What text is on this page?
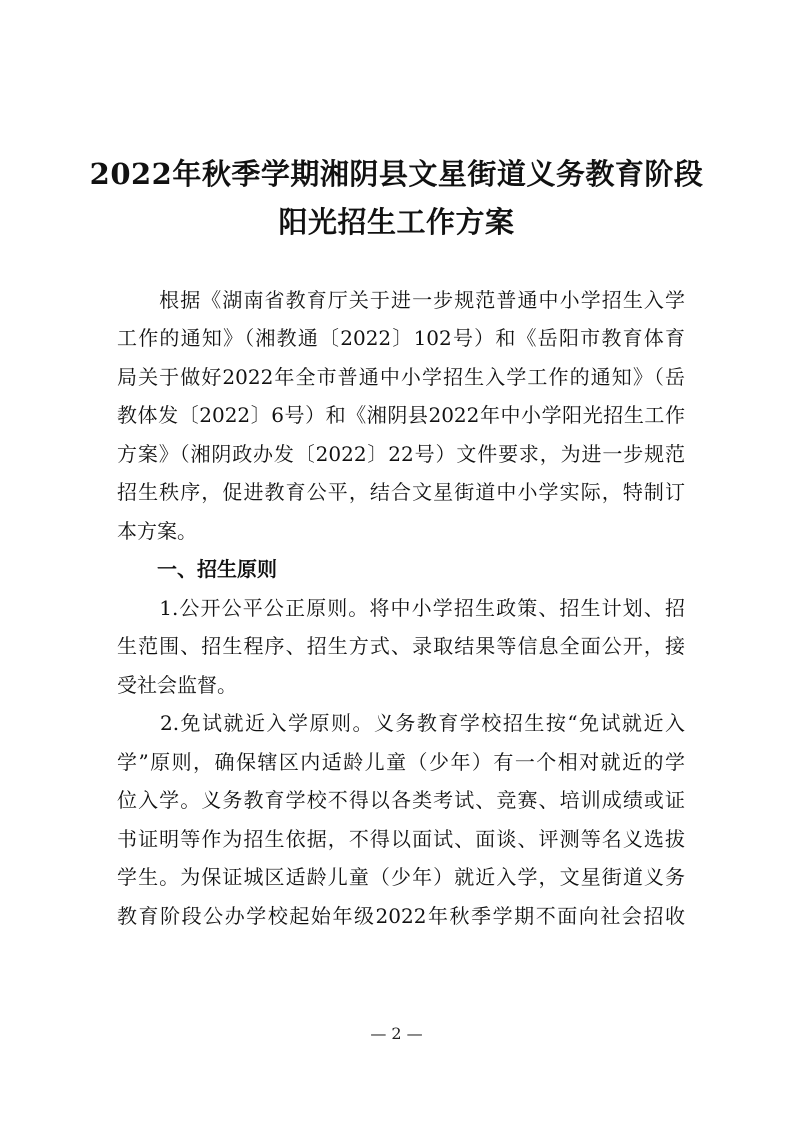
2022年秋季学期湘阴县文星街道义务教育阶段
阳光招生工作方案
　　根据《湖南省教育厅关于进一步规范普通中小学招生入学
工作的通知》（湘教通〔2022〕102号）和《岳阳市教育体育
局关于做好2022年全市普通中小学招生入学工作的通知》（岳
教体发〔2022〕6号）和《湘阴县2022年中小学阳光招生工作
方案》（湘阴政办发〔2022〕22号）文件要求，为进一步规范
招生秩序，促进教育公平，结合文星街道中小学实际，特制订
本方案。
　　一、招生原则
　　1.公开公平公正原则。将中小学招生政策、招生计划、招
生范围、招生程序、招生方式、录取结果等信息全面公开，接
受社会监督。
　　2.免试就近入学原则。义务教育学校招生按“免试就近入
学”原则，确保辖区内适龄儿童（少年）有一个相对就近的学
位入学。义务教育学校不得以各类考试、竞赛、培训成绩或证
书证明等作为招生依据，不得以面试、面谈、评测等名义选拔
学生。为保证城区适龄儿童（少年）就近入学，文星街道义务
教育阶段公办学校起始年级2022年秋季学期不面向社会招收
— 2 —
